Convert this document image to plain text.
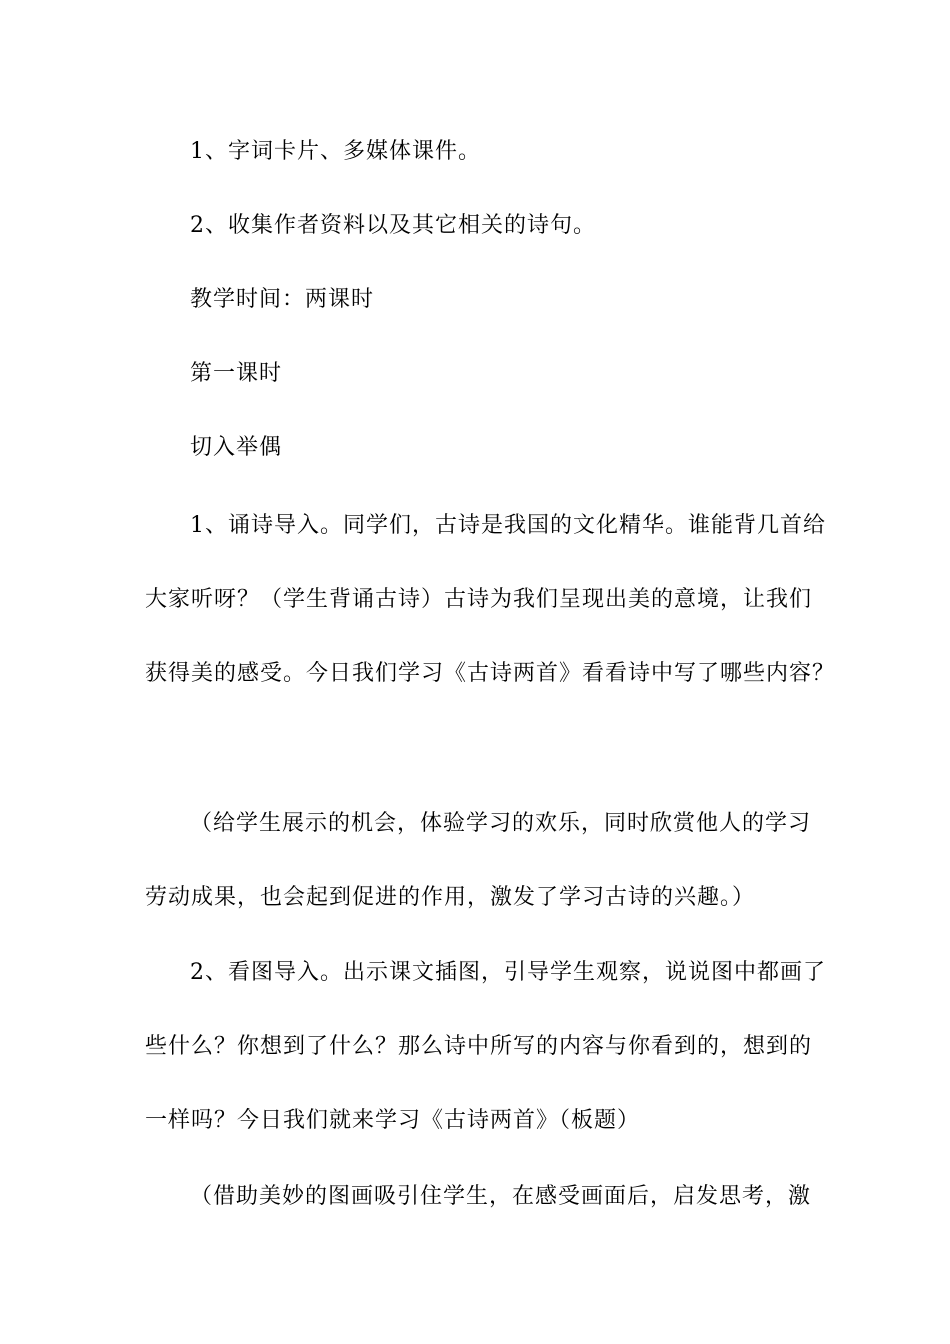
1、字词卡片、多媒体课件。
2、收集作者资料以及其它相关的诗句。
教学时间：两课时
第一课时
切入举偶
1、诵诗导入。同学们，古诗是我国的文化精华。谁能背几首给
大家听呀？（学生背诵古诗）古诗为我们呈现出美的意境，让我们
获得美的感受。今日我们学习《古诗两首》看看诗中写了哪些内容？
（给学生展示的机会，体验学习的欢乐，同时欣赏他人的学习
劳动成果，也会起到促进的作用，激发了学习古诗的兴趣。）
2、看图导入。出示课文插图，引导学生观察，说说图中都画了
些什么？你想到了什么？那么诗中所写的内容与你看到的，想到的
一样吗？今日我们就来学习《古诗两首》（板题）
（借助美妙的图画吸引住学生，在感受画面后，启发思考，激
